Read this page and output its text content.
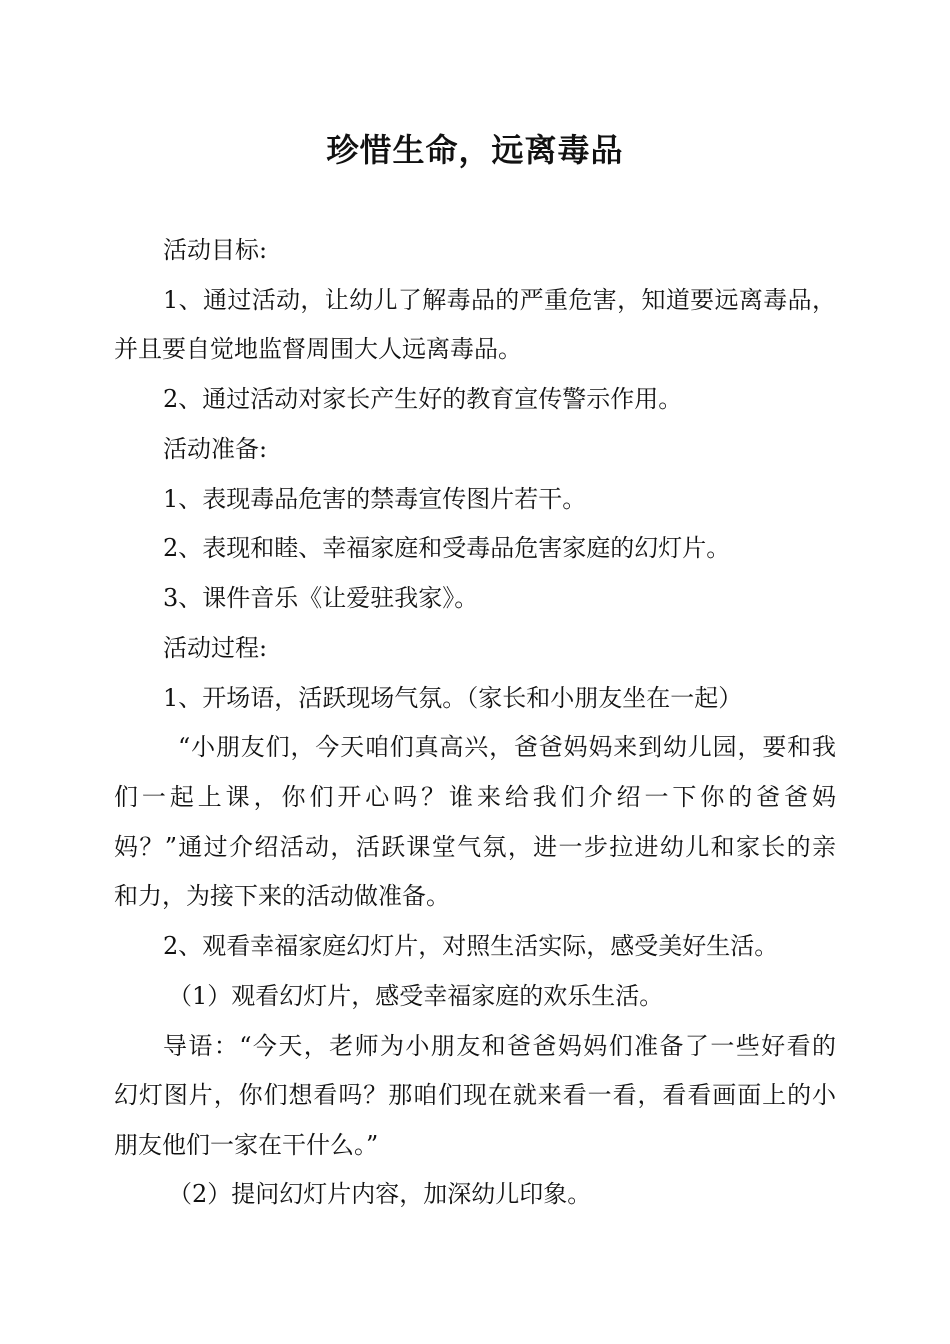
珍惜生命，远离毒品
活动目标:
1、通过活动，让幼儿了解毒品的严重危害，知道要远离毒品，
并且要自觉地监督周围大人远离毒品。
2、通过活动对家长产生好的教育宣传警示作用。
活动准备:
1、表现毒品危害的禁毒宣传图片若干。
2、表现和睦、幸福家庭和受毒品危害家庭的幻灯片。
3、课件音乐《让爱驻我家》。
活动过程:
1、开场语，活跃现场气氛。（家长和小朋友坐在一起）
“小朋友们，今天咱们真高兴，爸爸妈妈来到幼儿园，要和我
们一起上课，你们开心吗？谁来给我们介绍一下你的爸爸妈
妈？”通过介绍活动，活跃课堂气氛，进一步拉进幼儿和家长的亲
和力，为接下来的活动做准备。
2、观看幸福家庭幻灯片，对照生活实际，感受美好生活。
（1）观看幻灯片，感受幸福家庭的欢乐生活。
导语：“今天，老师为小朋友和爸爸妈妈们准备了一些好看的
幻灯图片，你们想看吗？那咱们现在就来看一看，看看画面上的小
朋友他们一家在干什么。”
（2）提问幻灯片内容，加深幼儿印象。
